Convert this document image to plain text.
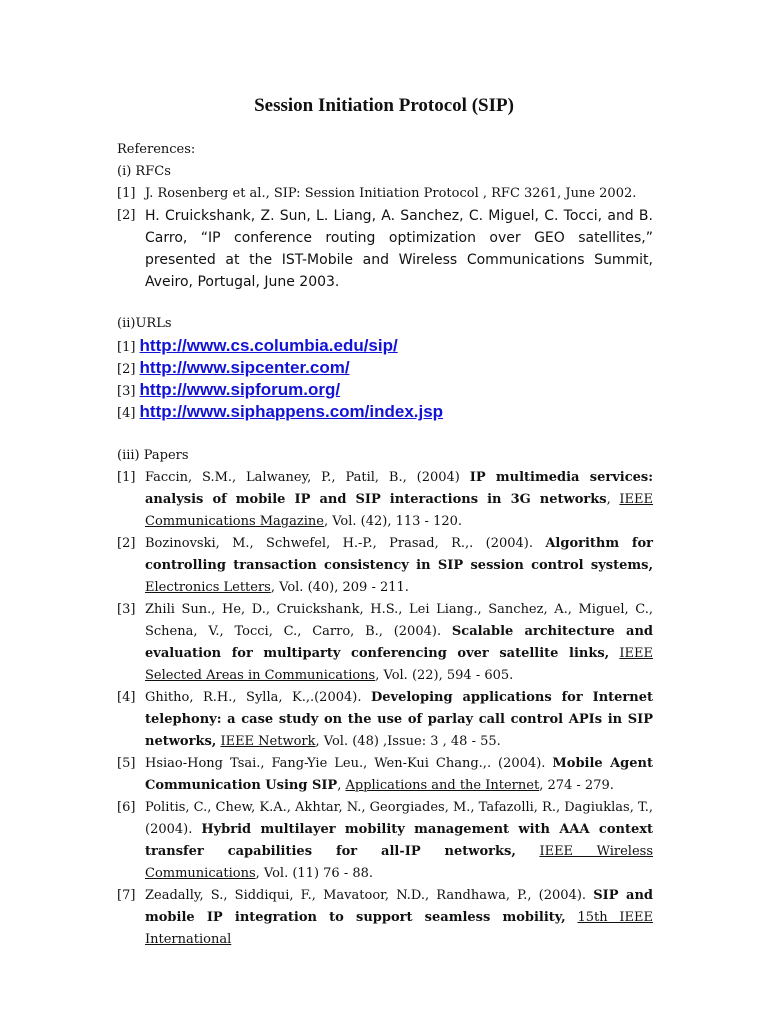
Session Initiation Protocol (SIP)
References:
(i) RFCs
[1] J. Rosenberg et al., SIP: Session Initiation Protocol , RFC 3261, June 2002.
[2] H. Cruickshank, Z. Sun, L. Liang, A. Sanchez, C. Miguel, C. Tocci, and B. Carro, “IP conference routing optimization over GEO satellites,” presented at the IST-Mobile and Wireless Communications Summit, Aveiro, Portugal, June 2003.
(ii)URLs
[1] http://www.cs.columbia.edu/sip/
[2] http://www.sipcenter.com/
[3] http://www.sipforum.org/
[4] http://www.siphappens.com/index.jsp
(iii) Papers
[1] Faccin, S.M., Lalwaney, P., Patil, B., (2004) IP multimedia services: analysis of mobile IP and SIP interactions in 3G networks, IEEE Communications Magazine, Vol. (42), 113 - 120.
[2] Bozinovski, M., Schwefel, H.-P., Prasad, R.,. (2004). Algorithm for controlling transaction consistency in SIP session control systems, Electronics Letters, Vol. (40), 209 - 211.
[3] Zhili Sun., He, D., Cruickshank, H.S., Lei Liang., Sanchez, A., Miguel, C., Schena, V., Tocci, C., Carro, B., (2004). Scalable architecture and evaluation for multiparty conferencing over satellite links, IEEE Selected Areas in Communications, Vol. (22), 594 - 605.
[4] Ghitho, R.H., Sylla, K.,.(2004). Developing applications for Internet telephony: a case study on the use of parlay call control APIs in SIP networks, IEEE Network, Vol. (48) ,Issue: 3 , 48 - 55.
[5] Hsiao-Hong Tsai., Fang-Yie Leu., Wen-Kui Chang.,. (2004). Mobile Agent Communication Using SIP, Applications and the Internet, 274 - 279.
[6] Politis, C., Chew, K.A., Akhtar, N., Georgiades, M., Tafazolli, R., Dagiuklas, T., (2004). Hybrid multilayer mobility management with AAA context transfer capabilities for all-IP networks, IEEE Wireless Communications, Vol. (11) 76 - 88.
[7] Zeadally, S., Siddiqui, F., Mavatoor, N.D., Randhawa, P., (2004). SIP and mobile IP integration to support seamless mobility, 15th IEEE International
